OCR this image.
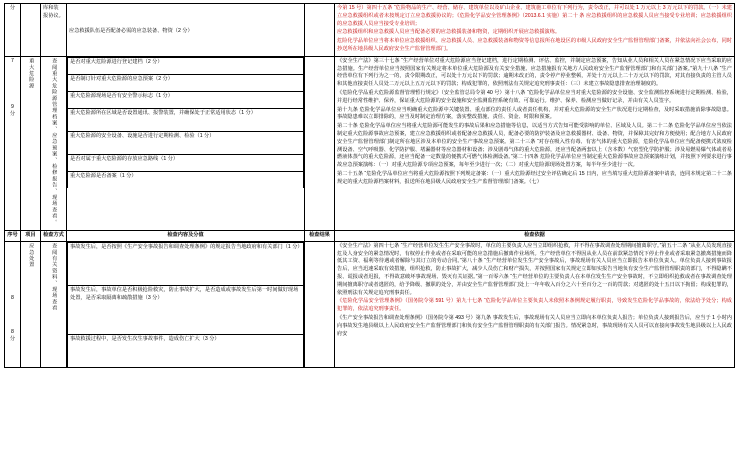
分		库和装
报协议。
	应急救援队伍是否配备必需的应急装备、物资（2 分）		

今第 15 号）第四十五条 “危险物品的生产、经营、储存、建筑单位以及矿山企业、建筑施工单位有下列行为，责令改正，并可以处 1 万元以上 3 万元以下的罚款。（一）未建立应急救援组织或者未按规定订立应急救援协议的；《危险化学品安全管理条例》（2013.6.1 实施）第二十 条 应急救援组织的应急救援人员应当接受专业培训；应急救援组织的应急救援人员应当接受专业培训；

应急救援组织和应急救援人员应当配备必要的应急救援装备和物资，定期组织开展应急救援演练。

危险化学品单位应当将本单位应急救援组织、应急救援人员、应急救援装备和物资等信息报所在地设区的市级人民政府安全生产监督管理部门备案，并依法向社会公布，同时抄送所在地县级人民政府安全生产监督管理部门。

7
9
分
	重大危险源	查阅重大危险源管理档案、应急预案、检修报告、现场查看。	是否对重大危险源进行登记建档（2 分）
是否制订针对重大危险源的应急预案（2 分）
重大危险源现场是否有安全警示标志（1 分）
重大危险源所在区域是否设置通讯、报警装置，并确保处于正常适用状态（1 分）
重大危险源的安全设备、设施是否进行定期检测、检验（1 分）
是否对属于重大危险源的存放应急路线（1 分）
重大危险源是否备案（1 分）

《安全生产法》第三十七条 “生产经营单位对重大危险源应当登记建档，进行定期检测、评估、监控，并制定应急预案，告知从业人员和相关人员在紧急情况下应当采取的应急措施。生产经营单位应当按照国家有关规定将本单位重大危险源及有关安全措施、应急措施报有关地方人民政府安全生产监督管理部门和有关部门备案。”第九十八条 “生产经营单位有下列行为之一的，责令限期改正，可以处十万元以下的罚款；逾期未改正的，责令停产停业整顿，并处十万元以上二十万元以下的罚款，对其直接负责的主管人员和其他直接责任人员处二万元以上五万元以下的罚款；构成犯罪的，依照刑法有关规定追究刑事责任：（三）未建立事故隐患排查治理制度的。

《危险化学品重大危险源监督管理暂行规定》（安全监管总局令第 40 号）第十八条 “危险化学品单位应当对重大危险源的安全设施、安全监测监控系统进行定期检测、检验，并进行经常性维护、保养，保证重大危险源的安全设施和安全监测监控系统有效、可靠运行。维护、保养、检测应当做好记录，并由有关人员签字。

第十九条 危险化学品单位应当明确重大危险源中关键装置、重点部位的责任人或者责任机构，并对重大危险源的安全生产状况进行定期检查，及时采取措施消除事故隐患。事故隐患难以立即排除的，应当及时制定治理方案，落实整改措施、责任、资金、时限和预案。

第二十条 危险化学品单位应当将重大危险源可能发生的事故后果和应急措施等信息，以适当方式告知可能受影响的单位、区域及人员。第二十二条 危险化学品单位应当依法制定重大危险源事故应急预案，建立应急救援组织或者配备应急救援人员，配备必要的防护装备及应急救援器材、设备、物资，并保障其完好和方便使用；配合地方人民政府安全生产监督管理部门制定所在地区涉及本单位的安全生产事故应急预案。第二十三条 “对存在吸入性有毒、有害气体的重大危险源，危险化学品单位应当配备便携式浓度检测设备、空气呼吸器、化学防护服、堵漏器材等应急器材和设备；涉及剧毒气体的重大危险源，还应当配备两套以上（含本数）气密型化学防护服；涉及易燃易爆气体或者易燃液体蒸气的重大危险源，还应当配备一定数量的便携式可燃气体检测设备。”第二十四条 危险化学品单位应当制定重大危险源事故应急预案演练计划，并按照下列要求进行事故应急预案演练：（一）对重大危险源专项应急预案，每年至少进行一次；（二）对重大危险源现场处置方案，每半年至少进行一次。

第二十五条 “危险化学品单位应当将重大危险源按照下列规定备案：（一）重大危险源经过安全评估确定后 15 日内，应当填写重大危险源备案申请表，连同本规定第二十二条规定的重大危险源档案材料，报送所在地县级人民政府安全生产监督管理部门备案。（七）

序号	项目	检查方式	检查内容及分值	检查结果	检查依据

8
8
分
	应急处置	查阅有关资料、现场查看	事故发生后，是否按照《生产安全事故报告和调查处理条例》的规定报告当地政府和有关部门（1 分）
事故发生后，事故单位是否积极抢险救灾，防止事故扩大，是否造成或事故发生后第一时间做好现场处置，是否采取隔离和疏散措施（3 分）
事故救援过程中，是否发生次生事故事件，造成伤亡扩大（3 分）

《安全生产法》第四十七条 “生产经营单位发生生产安全事故时，单位的主要负责人应当立即组织抢救，并不得在事故调查处理期间擅离职守。”第五十二条 “从业人员发现直接危及人身安全的紧急情况时，有权停止作业或者在采取可能的应急措施后撤离作业场所。生产经营单位不得因从业人员在前款紧急情况下停止作业或者采取紧急撤离措施而降低其工资、福利等待遇或者解除与其订立的劳动合同。”第八十条 “生产经营单位发生生产安全事故后，事故现场有关人员应当立即报告本单位负责人。单位负责人接到事故报告后，应当迅速采取有效措施，组织抢救，防止事故扩大，减少人员伤亡和财产损失，并按照国家有关规定立即如实报告当地负有安全生产监督管理职责的部门，不得隐瞒不报、谎报或者迟报，不得故意破坏事故现场、毁灭有关证据。”第一百零六条 “生产经营单位的主要负责人在本单位发生生产安全事故时，不立即组织抢救或者在事故调查处理期间擅离职守或者逃匿的，给予降级、撤职的处分，并由安全生产监督管理部门处上一年年收入百分之六十至百分之一百的罚款；对逃匿的处十五日以下拘留；构成犯罪的，依照刑法有关规定追究刑事责任。

《危险化学品安全管理条例》（国务院令第 591 号）第九十七条 “危险化学品单位主要负责人未依照本条例规定履行职责，导致发生危险化学品事故的，依法给予处分；构成犯罪的，依法追究刑事责任。

《生产安全事故报告和调查处理条例》（国务院令第 493 号）第九条 事故发生后，事故现场有关人员应当立即向本单位负责人报告；单位负责人接到报告后，应当于 1 小时内向事故发生地县级以上人民政府安全生产监督管理部门和负有安全生产监督管理职责的有关部门报告。情况紧急时，事故现场有关人员可以直接向事故发生地县级以上人民政府安
